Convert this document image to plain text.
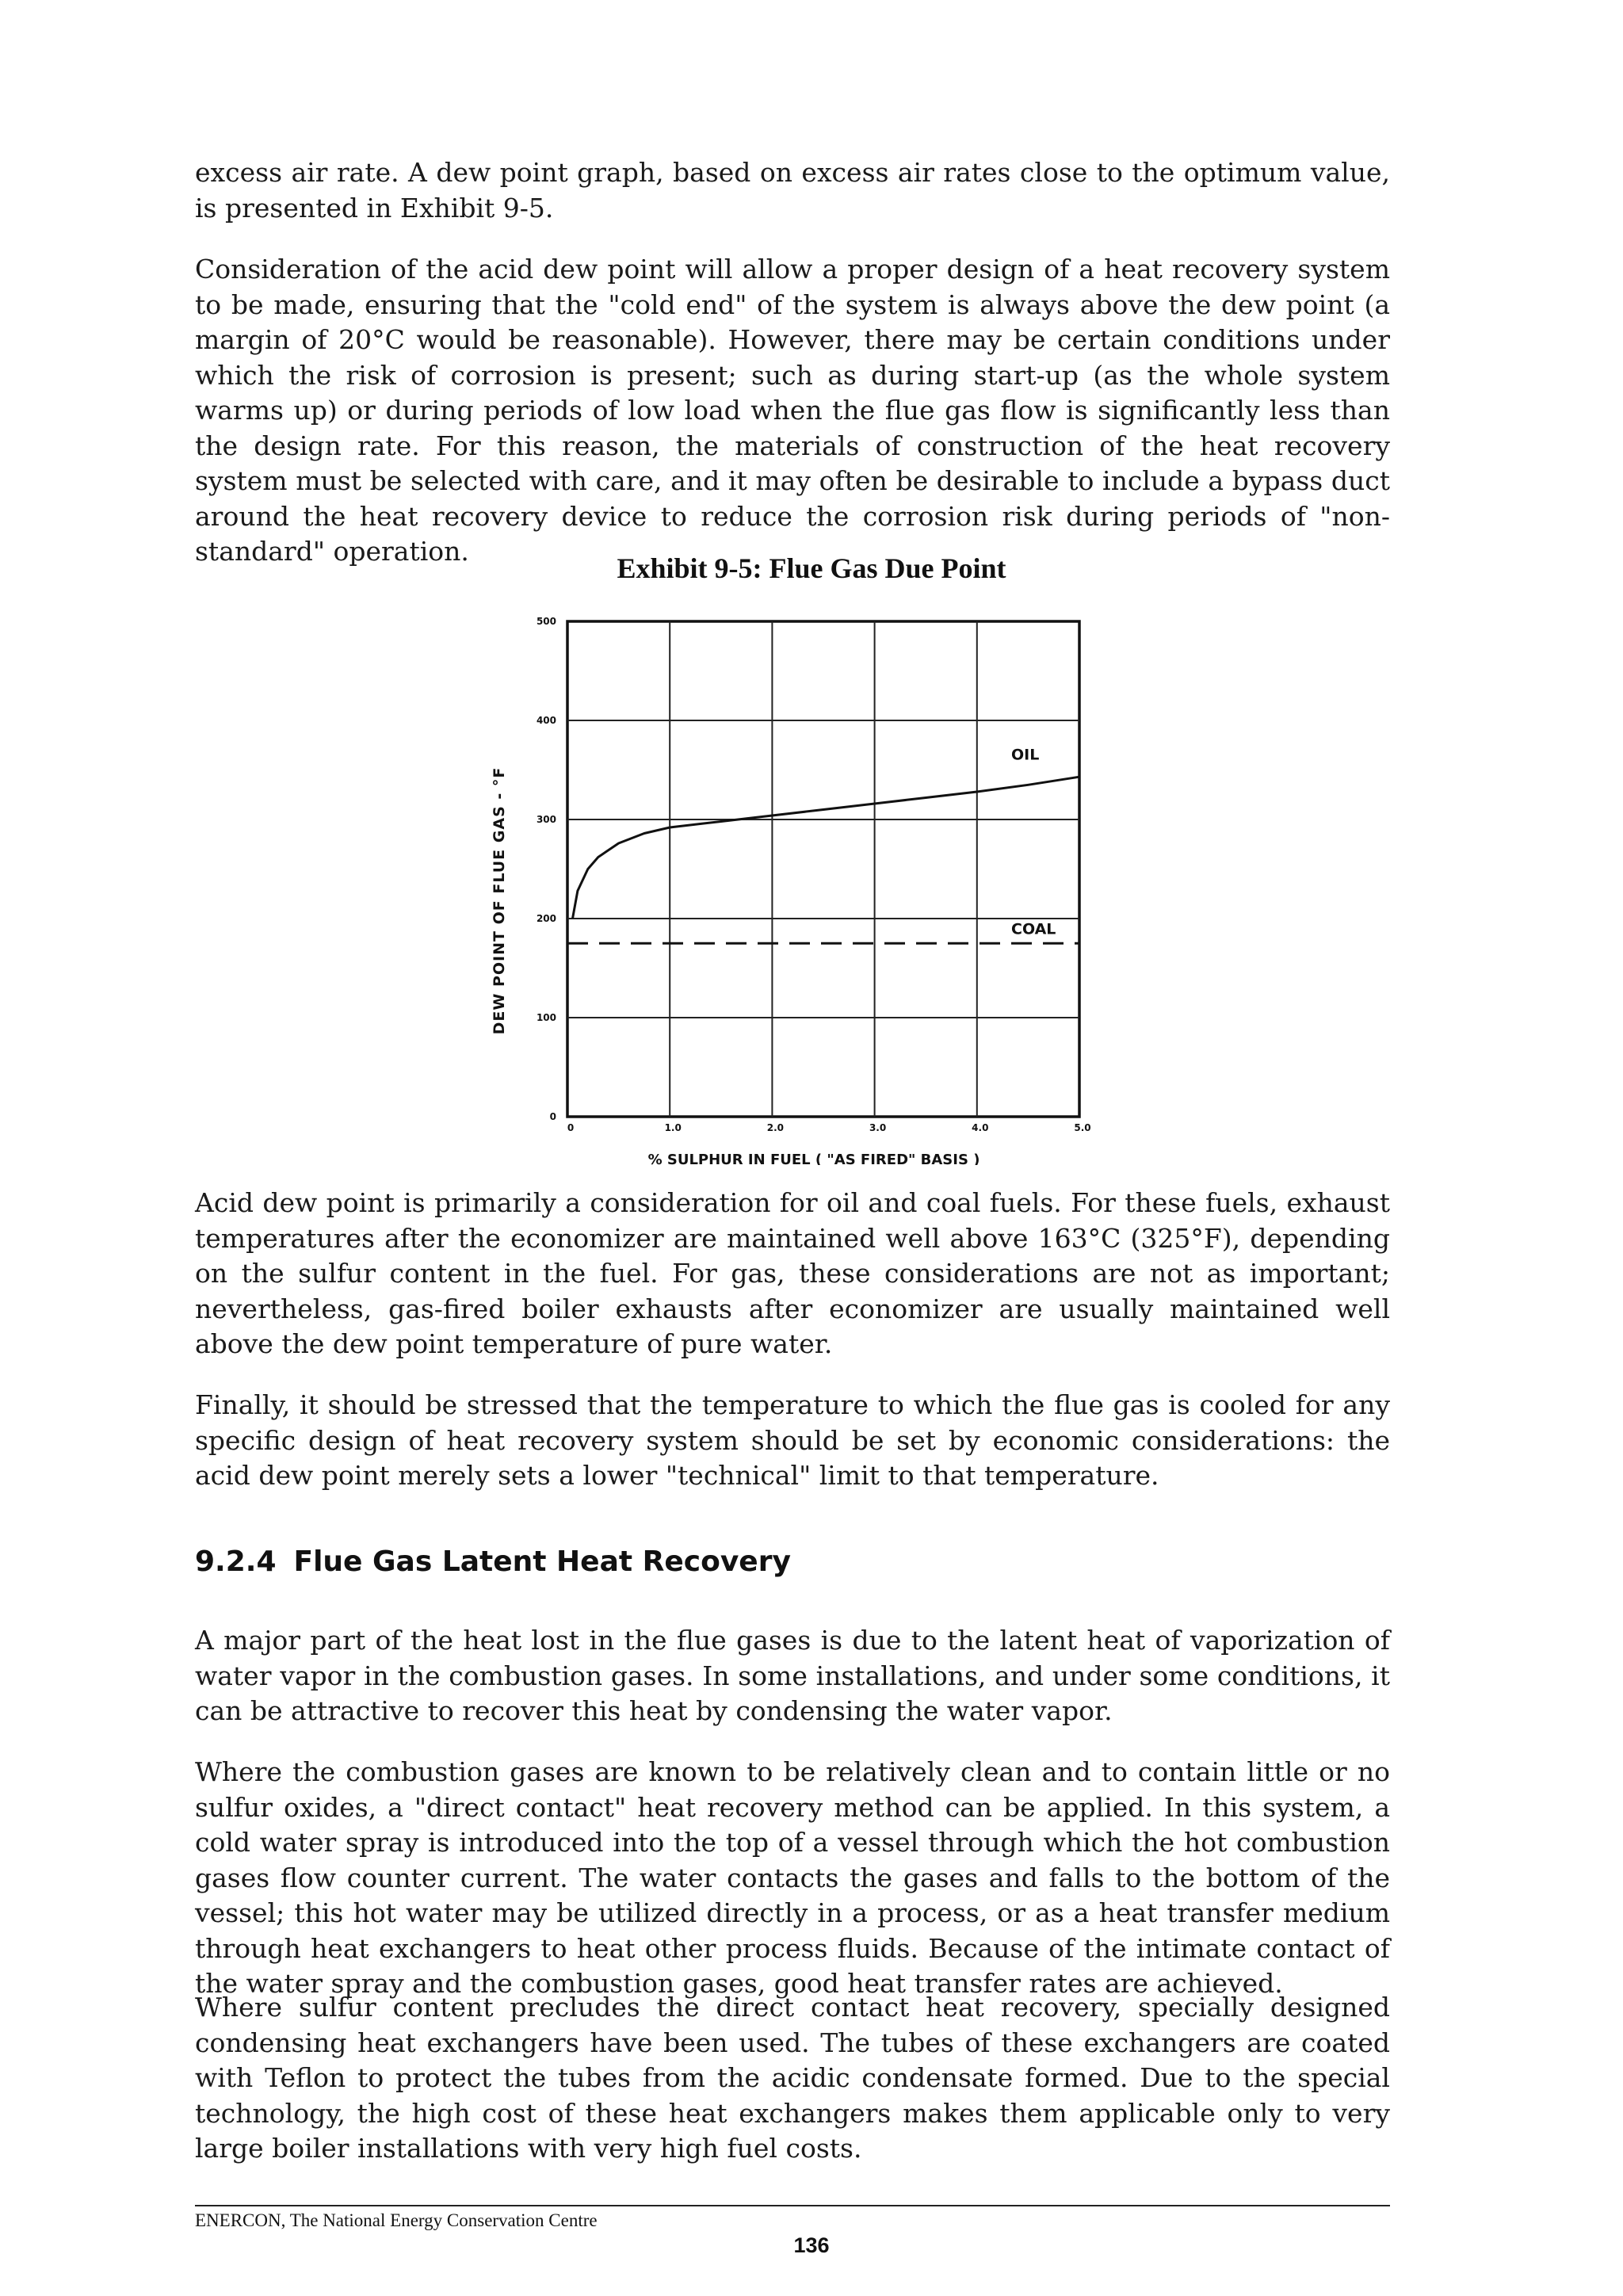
excess air rate. A dew point graph, based on excess air rates close to the optimum value, is presented in Exhibit 9-5.

Consideration of the acid dew point will allow a proper design of a heat recovery system to be made, ensuring that the "cold end" of the system is always above the dew point (a margin of 20°C would be reasonable). However, there may be certain conditions under which the risk of corrosion is present; such as during start-up (as the whole system warms up) or during periods of low load when the flue gas flow is significantly less than the design rate. For this reason, the materials of construction of the heat recovery system must be selected with care, and it may often be desirable to include a bypass duct around the heat recovery device to reduce the corrosion risk during periods of "non-standard" operation.

Exhibit 9-5: Flue Gas Due Point
OIL
COAL
0	1.0	2.0	3.0	4.0	5.0
0
100
200
300
400
500
DEW POINT OF FLUE GAS - °F
% SULPHUR IN FUEL ( "AS FIRED" BASIS )

Acid dew point is primarily a consideration for oil and coal fuels. For these fuels, exhaust temperatures after the economizer are maintained well above 163°C (325°F), depending on the sulfur content in the fuel. For gas, these considerations are not as important; nevertheless, gas-fired boiler exhausts after economizer are usually maintained well above the dew point temperature of pure water.

Finally, it should be stressed that the temperature to which the flue gas is cooled for any specific design of heat recovery system should be set by economic considerations: the acid dew point merely sets a lower "technical" limit to that temperature.

9.2.4 Flue Gas Latent Heat Recovery

A major part of the heat lost in the flue gases is due to the latent heat of vaporization of water vapor in the combustion gases. In some installations, and under some conditions, it can be attractive to recover this heat by condensing the water vapor.

Where the combustion gases are known to be relatively clean and to contain little or no sulfur oxides, a "direct contact" heat recovery method can be applied. In this system, a cold water spray is introduced into the top of a vessel through which the hot combustion gases flow counter current. The water contacts the gases and falls to the bottom of the vessel; this hot water may be utilized directly in a process, or as a heat transfer medium through heat exchangers to heat other process fluids. Because of the intimate contact of the water spray and the combustion gases, good heat transfer rates are achieved.

Where sulfur content precludes the direct contact heat recovery, specially designed condensing heat exchangers have been used. The tubes of these exchangers are coated with Teflon to protect the tubes from the acidic condensate formed. Due to the special technology, the high cost of these heat exchangers makes them applicable only to very large boiler installations with very high fuel costs.

ENERCON, The National Energy Conservation Centre
136
